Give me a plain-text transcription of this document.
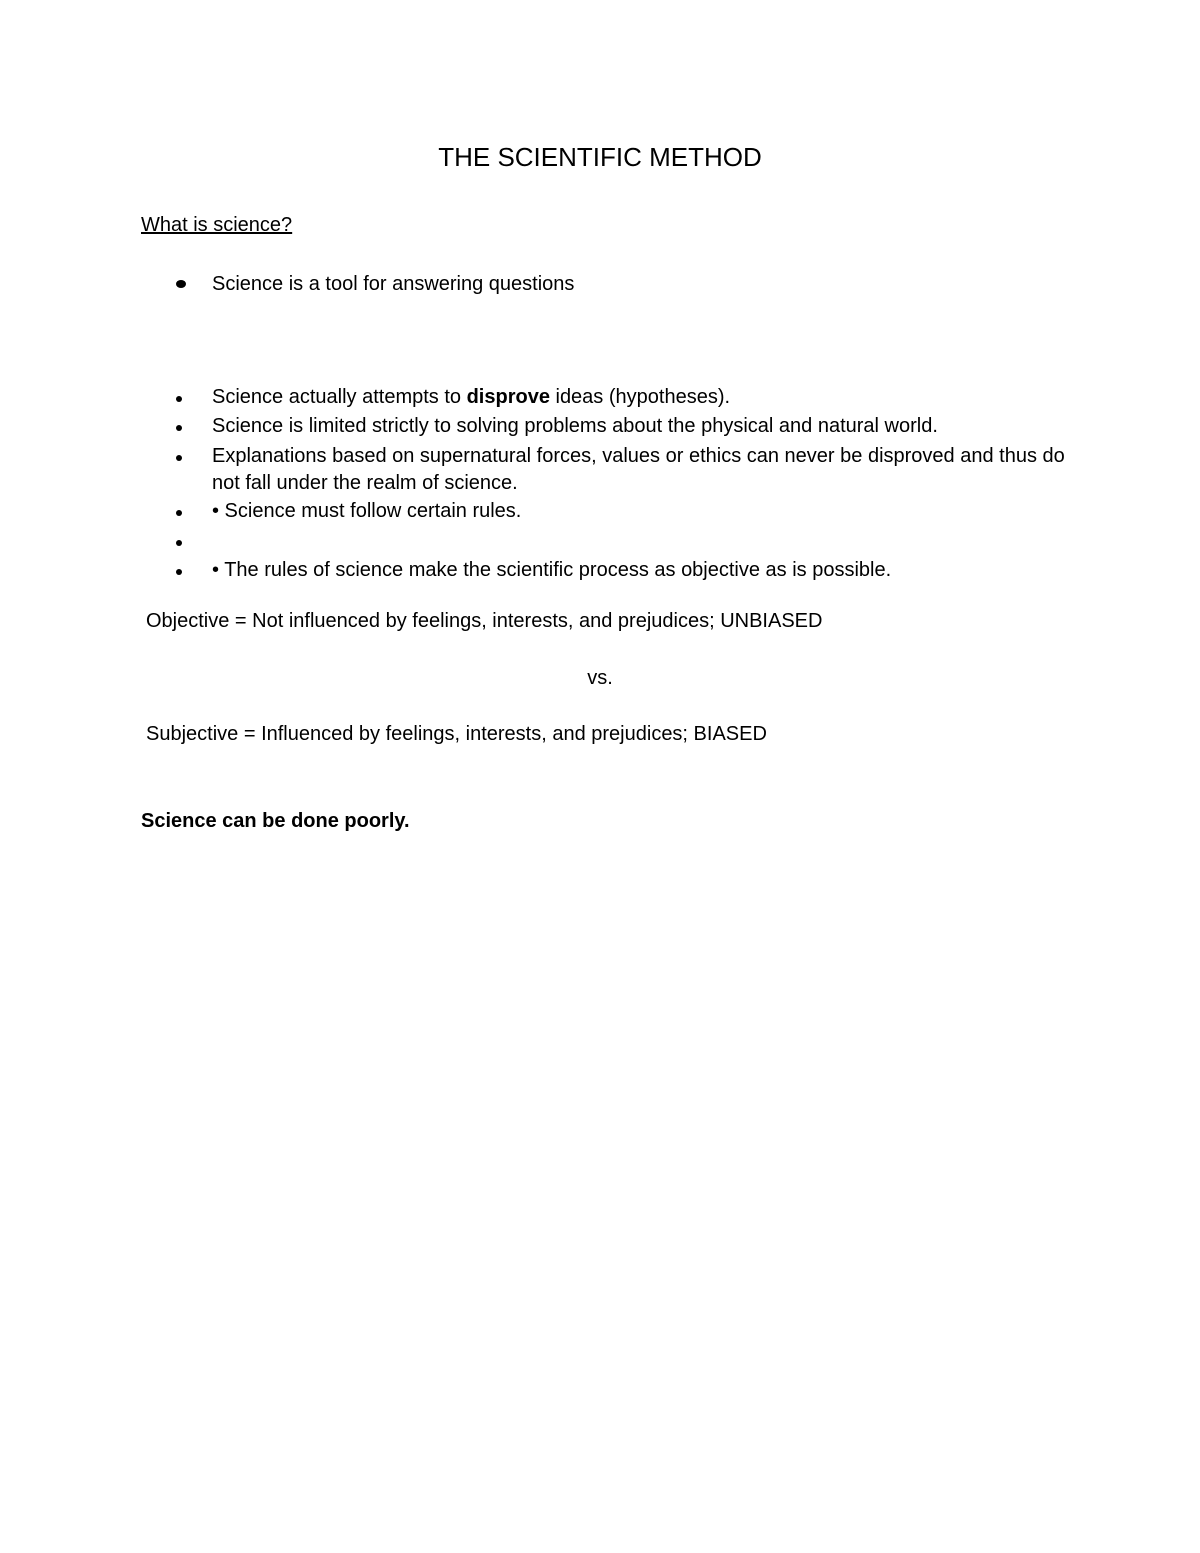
THE SCIENTIFIC METHOD
What is science?
Science is a tool for answering questions
Science actually attempts to disprove ideas (hypotheses).
Science is limited strictly to solving problems about the physical and natural world.
Explanations based on supernatural forces, values or ethics can never be disproved and thus do not fall under the realm of science.
• Science must follow certain rules.
• The rules of science make the scientific process as objective as is possible.
Objective = Not influenced by feelings, interests, and prejudices; UNBIASED
vs.
Subjective = Influenced by feelings, interests, and prejudices; BIASED
Science can be done poorly.
